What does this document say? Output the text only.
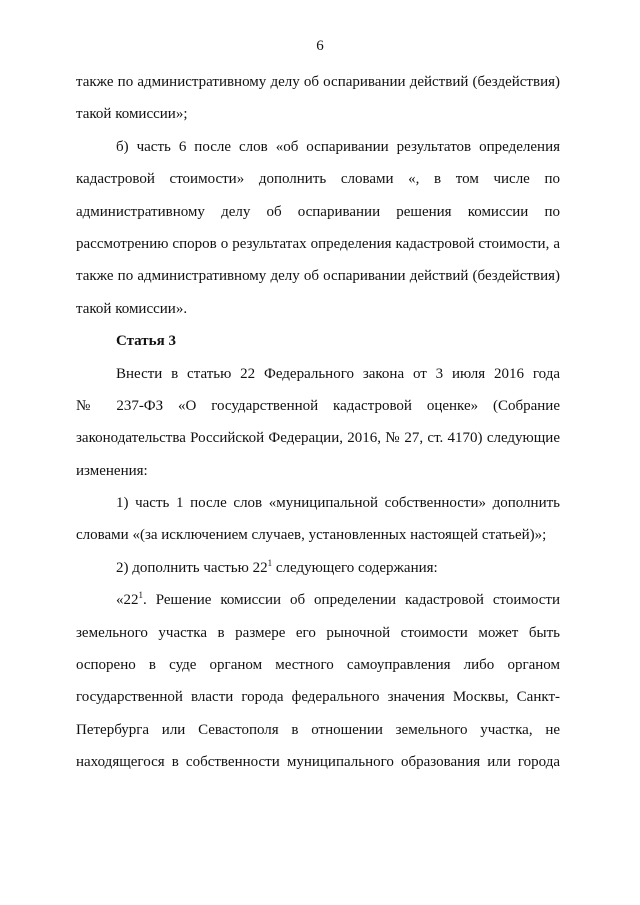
6
также по административному делу об оспаривании действий (бездействия)
такой комиссии»;
б) часть 6 после слов «об оспаривании результатов определения
кадастровой стоимости» дополнить словами «, в том числе по
административному делу об оспаривании решения комиссии по
рассмотрению споров о результатах определения кадастровой стоимости, а
также по административному делу об оспаривании действий (бездействия)
такой комиссии».
Статья 3
Внести в статью 22 Федерального закона от 3 июля 2016 года
№ 237-ФЗ «О государственной кадастровой оценке» (Собрание
законодательства Российской Федерации, 2016, № 27, ст. 4170) следующие
изменения:
1) часть 1 после слов «муниципальной собственности» дополнить
словами «(за исключением случаев, установленных настоящей статьей)»;
2) дополнить частью 22$^1$ следующего содержания:
«22$^1$. Решение комиссии об определении кадастровой стоимости
земельного участка в размере его рыночной стоимости может быть
оспорено в суде органом местного самоуправления либо органом
государственной власти города федерального значения Москвы, Санкт-
Петербурга или Севастополя в отношении земельного участка, не
находящегося в собственности муниципального образования или города
